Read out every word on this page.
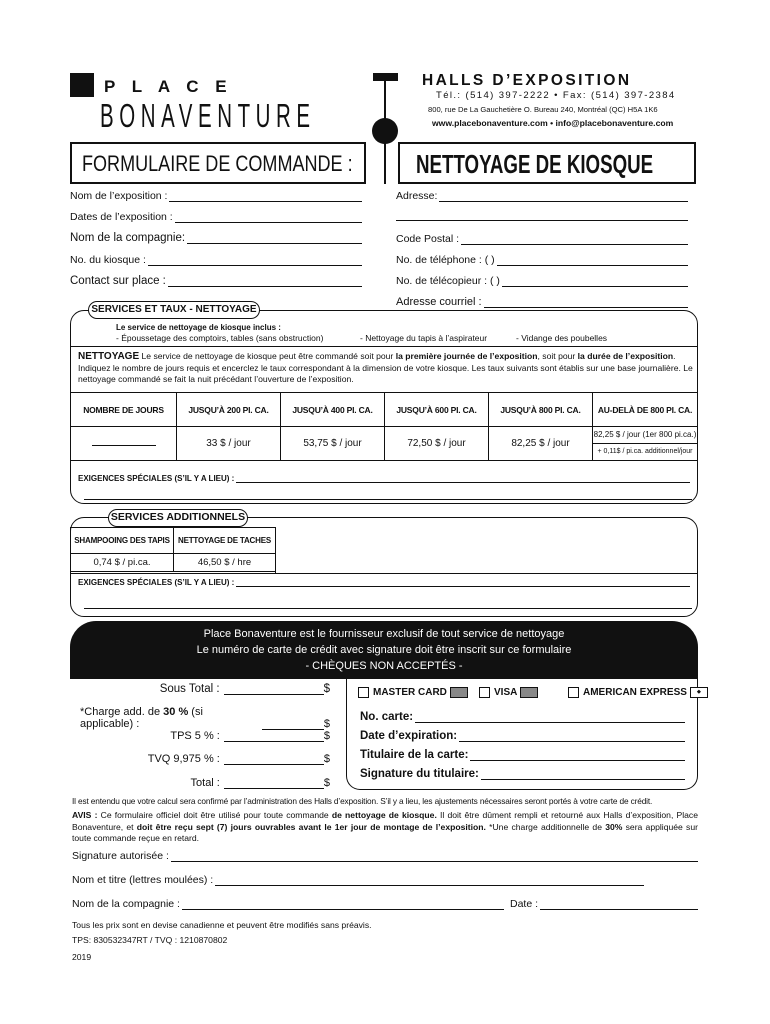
P L A C E
BONAVENTURE
HALLS D’EXPOSITION
Tél.: (514) 397-2222 • Fax: (514) 397-2384
800, rue De La Gauchetière O. Bureau 240, Montréal (QC) H5A 1K6
www.placebonaventure.com • info@placebonaventure.com
FORMULAIRE DE COMMANDE : NETTOYAGE DE KIOSQUE
Nom de l’exposition :
Dates de l’exposition :
Nom de la compagnie:
No. du kiosque :
Contact sur place :
Adresse:
Code Postal :
No. de téléphone : ( )
No. de télécopieur : ( )
Adresse courriel :
SERVICES ET TAUX - NETTOYAGE
Le service de nettoyage de kiosque inclus :
- Époussetage des comptoirs, tables (sans obstruction)	- Nettoyage du tapis à l’aspirateur	- Vidange des poubelles
NETTOYAGE Le service de nettoyage de kiosque peut être commandé soit pour la première journée de l’exposition, soit pour la durée de l’exposition. Indiquez le nombre de jours requis et encerclez le taux correspondant à la dimension de votre kiosque. Les taux suivants sont établis sur une base journalière. Le nettoyage commandé se fait la nuit précédant l’ouverture de l’exposition.
NOMBRE DE JOURS	JUSQU’À 200 PI. CA.	JUSQU’À 400 PI. CA.	JUSQU’À 600 PI. CA.	JUSQU’À 800 PI. CA.	AU-DELÀ DE 800 PI. CA.
	33 $ / jour	53,75 $ / jour	72,50 $ / jour	82,25 $ / jour	82,25 $ / jour (1er 800 pi.ca.)
+ 0,11$ / pi.ca. additionnel/jour
EXIGENCES SPÉCIALES (S’IL Y A LIEU) :
SERVICES ADDITIONNELS
SHAMPOOING DES TAPIS	NETTOYAGE DE TACHES
0,74 $ / pi.ca.	46,50 $ / hre
EXIGENCES SPÉCIALES (S’IL Y A LIEU) :
Place Bonaventure est le fournisseur exclusif de tout service de nettoyage
Le numéro de carte de crédit avec signature doit être inscrit sur ce formulaire
- CHÈQUES NON ACCEPTÉS -
Sous Total :	$
*Charge add. de 30 % (si applicable) :	$
TPS 5 % :	$
TVQ 9,975 % :	$
Total :	$
MASTER CARD	VISA	AMERICAN EXPRESS ◆
No. carte:
Date d’expiration:
Titulaire de la carte:
Signature du titulaire:
Il est entendu que votre calcul sera confirmé par l’administration des Halls d’exposition. S’il y a lieu, les ajustements nécessaires seront portés à votre carte de crédit.
AVIS : Ce formulaire officiel doit être utilisé pour toute commande de nettoyage de kiosque. Il doit être dûment rempli et retourné aux Halls d’exposition, Place Bonaventure, et doit être reçu sept (7) jours ouvrables avant le 1er jour de montage de l’exposition. *Une charge additionnelle de 30% sera appliquée sur toute commande reçue en retard.
Signature autorisée :
Nom et titre (lettres moulées) :
Nom de la compagnie :	Date :
Tous les prix sont en devise canadienne et peuvent être modifiés sans préavis.
TPS: 830532347RT / TVQ : 1210870802
2019
